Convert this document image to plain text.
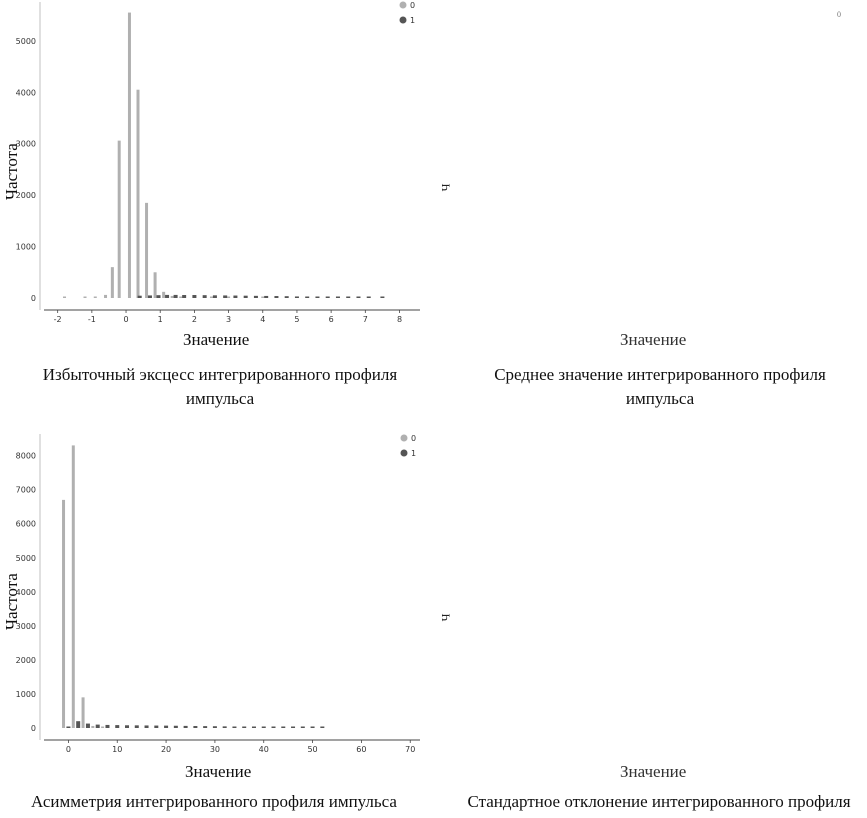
0
1000
2000
3000
4000
5000
-2	-1	0	1	2	3	4	5	6	7	8
0
1
Частота
Значение
Избыточный эксцесс интегрированного профиля импульса
Ч
0
Значение
Среднее значение интегрированного профиля импульса
0
1000
2000
3000
4000
5000
6000
7000
8000
0	10	20	30	40	50	60	70
0
1
Частота
Значение
Асимметрия интегрированного профиля импульса
Ч
Значение
Стандартное отклонение интегрированного профиля
